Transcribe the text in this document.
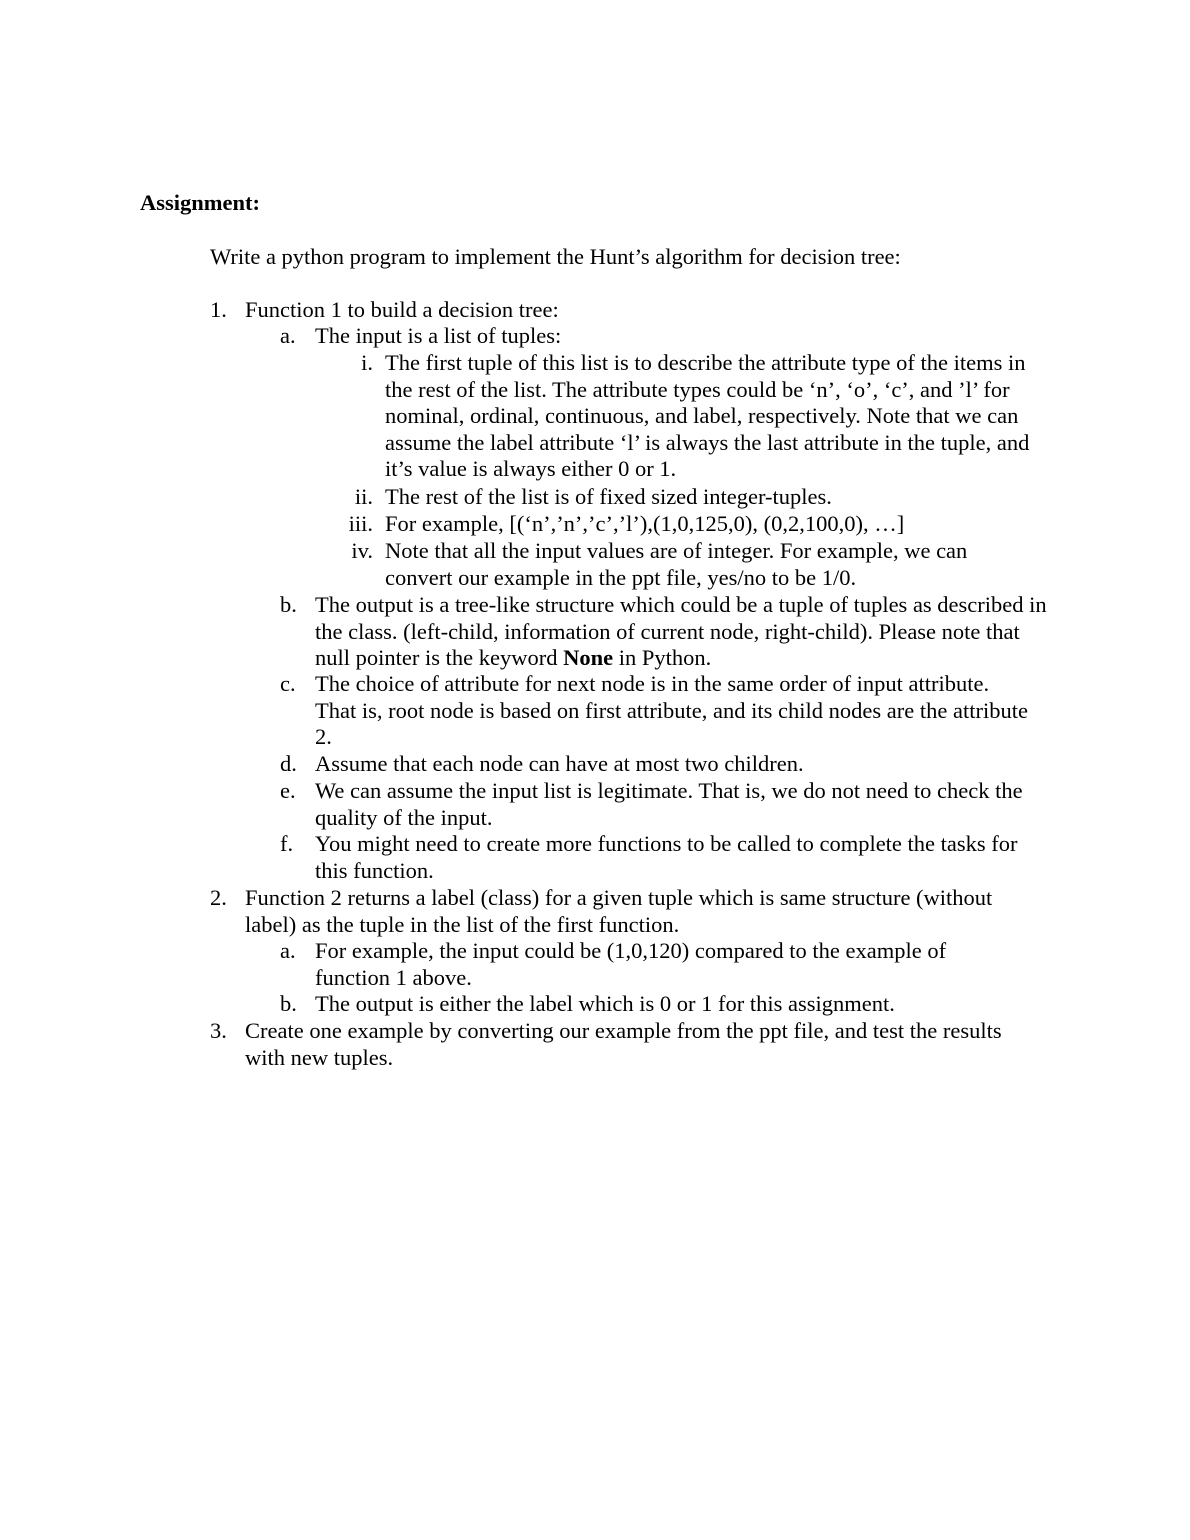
Assignment:

Write a python program to implement the Hunt’s algorithm for decision tree:

1. Function 1 to build a decision tree:
a. The input is a list of tuples:
i. The first tuple of this list is to describe the attribute type of the items in the rest of the list. The attribute types could be ‘n’, ‘o’, ‘c’, and ’l’ for nominal, ordinal, continuous, and label, respectively. Note that we can assume the label attribute ‘l’ is always the last attribute in the tuple, and it’s value is always either 0 or 1.
ii. The rest of the list is of fixed sized integer-tuples.
iii. For example, [(‘n’,’n’,’c’,’l’),(1,0,125,0), (0,2,100,0), …]
iv. Note that all the input values are of integer. For example, we can convert our example in the ppt file, yes/no to be 1/0.
b. The output is a tree-like structure which could be a tuple of tuples as described in the class. (left-child, information of current node, right-child). Please note that null pointer is the keyword None in Python.
c. The choice of attribute for next node is in the same order of input attribute. That is, root node is based on first attribute, and its child nodes are the attribute 2.
d. Assume that each node can have at most two children.
e. We can assume the input list is legitimate. That is, we do not need to check the quality of the input.
f. You might need to create more functions to be called to complete the tasks for this function.
2. Function 2 returns a label (class) for a given tuple which is same structure (without label) as the tuple in the list of the first function.
a. For example, the input could be (1,0,120) compared to the example of function 1 above.
b. The output is either the label which is 0 or 1 for this assignment.
3. Create one example by converting our example from the ppt file, and test the results with new tuples.
